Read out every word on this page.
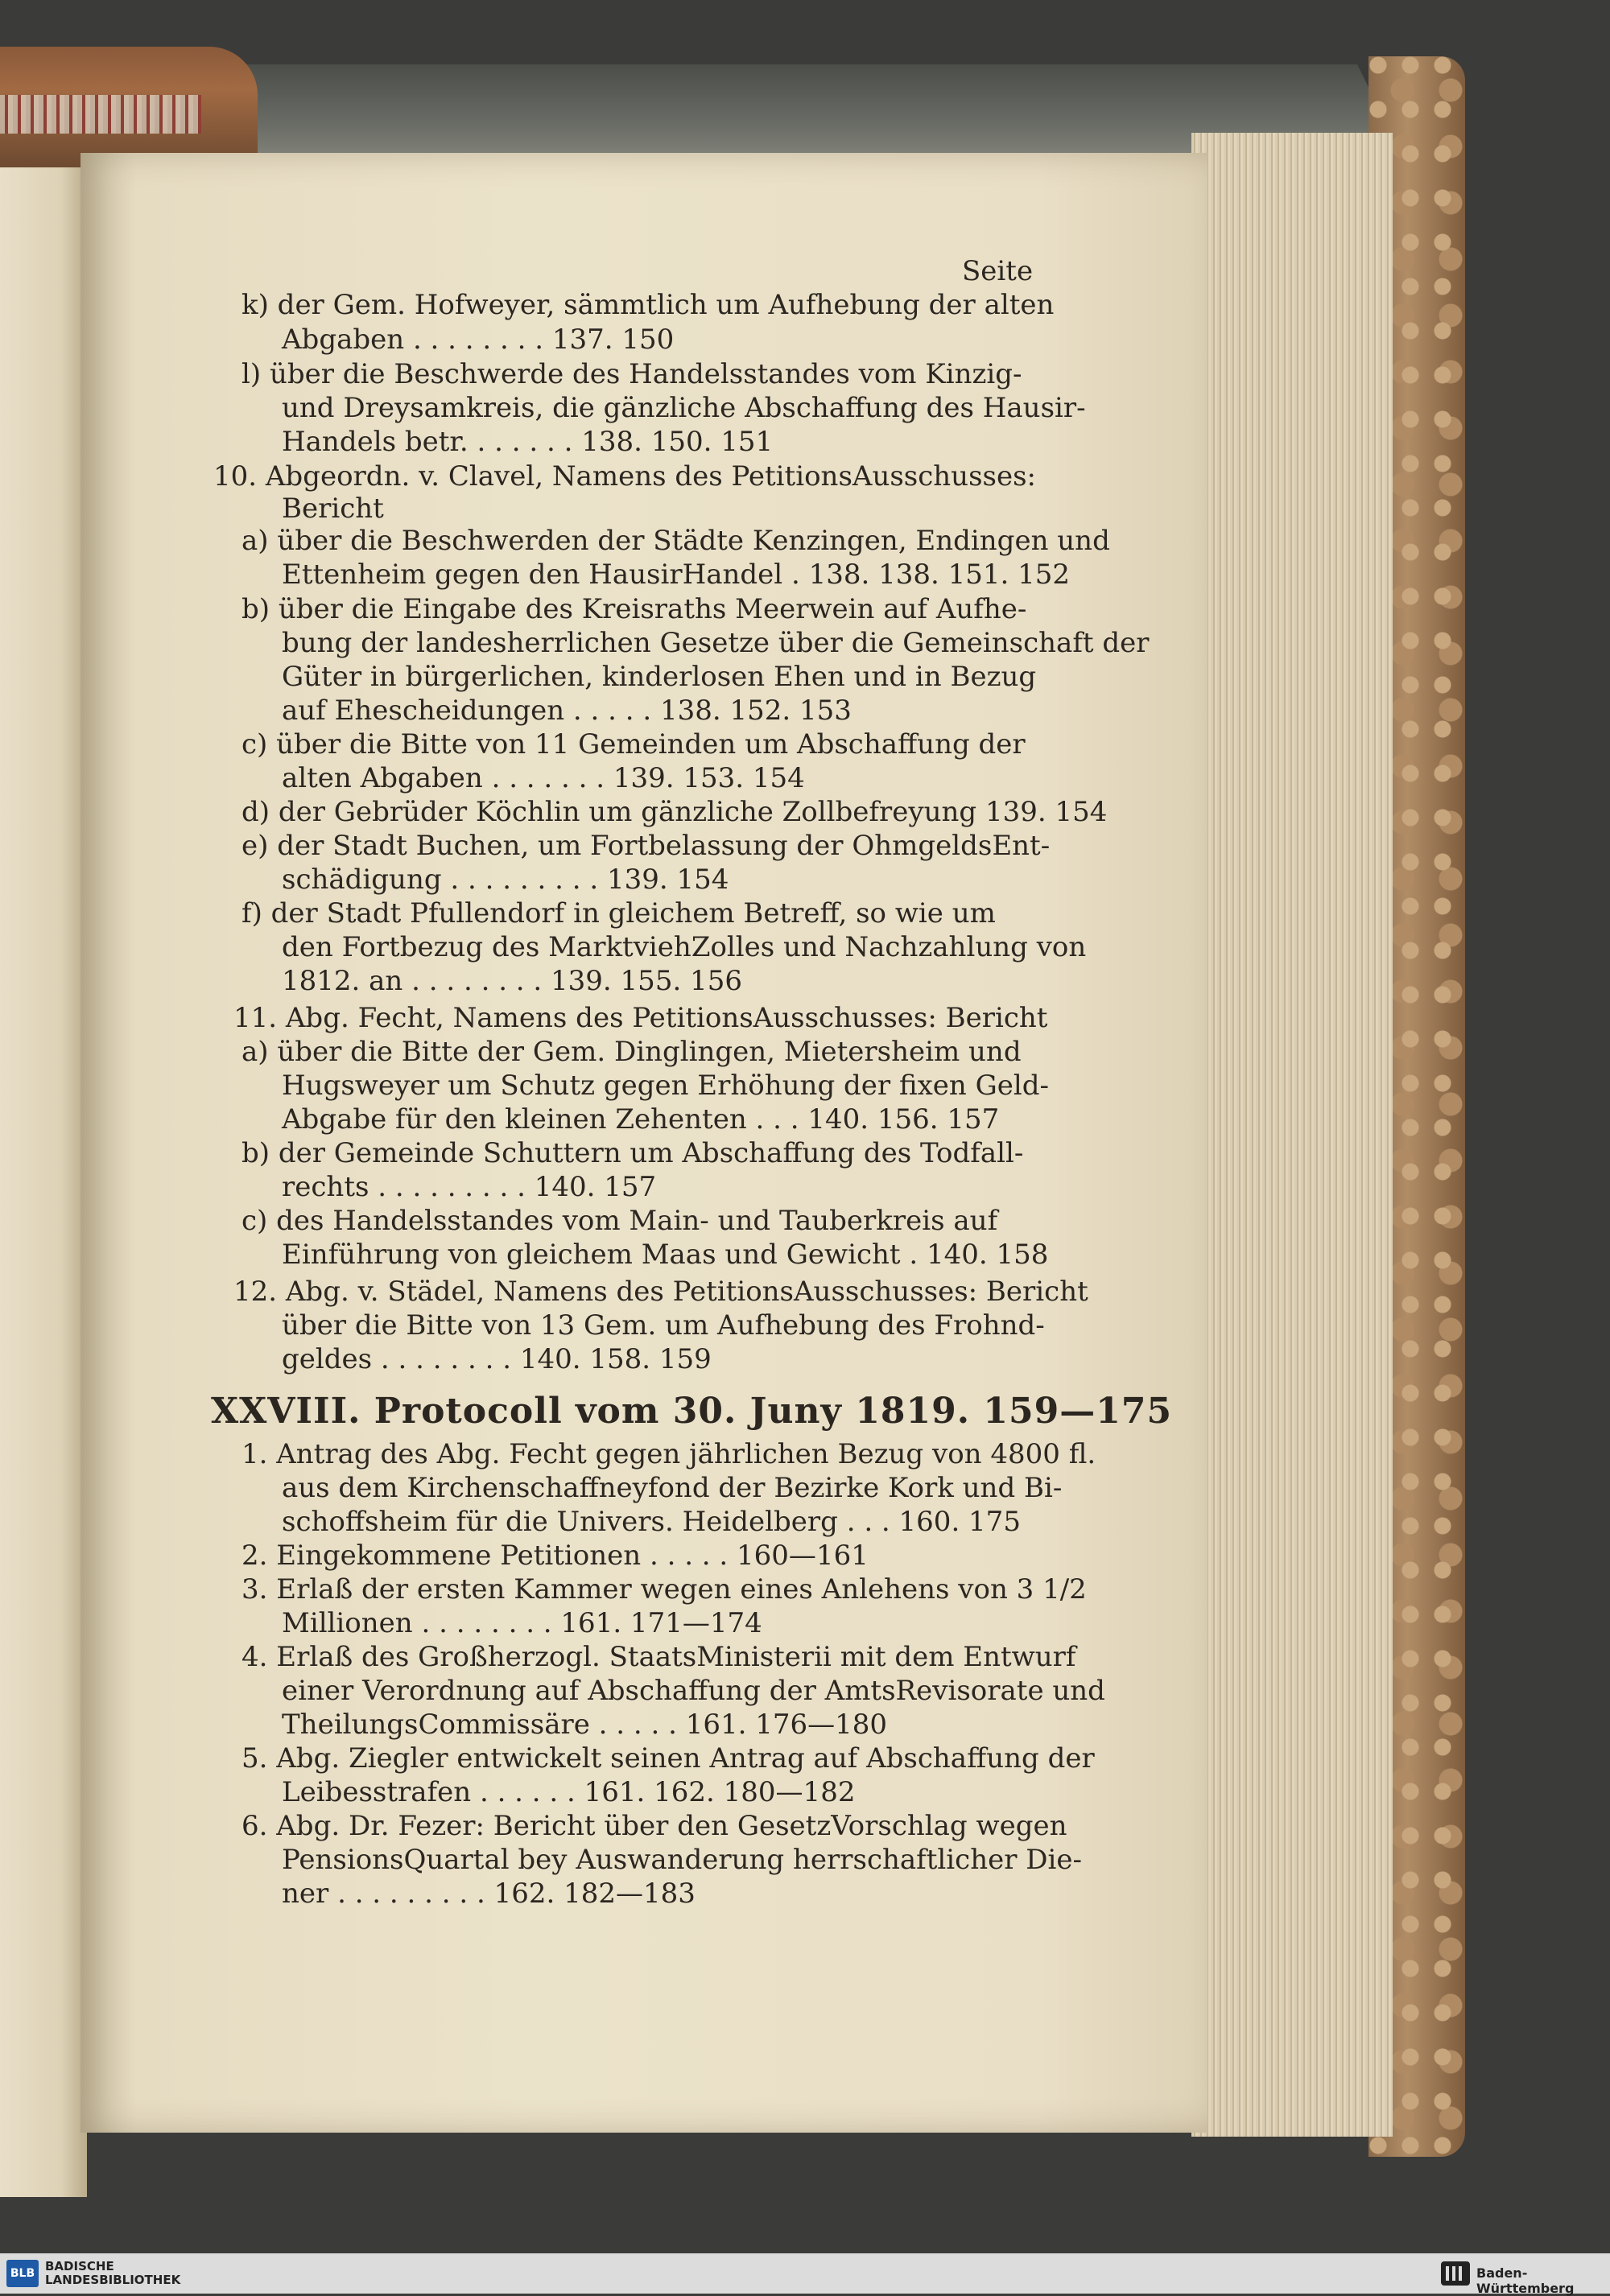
Seite
k) der Gem. Hofweyer, sämmtlich um Aufhebung der alten
Abgaben . . . . . . . . 137. 150
l) über die Beschwerde des Handelsstandes vom Kinzig-
und Dreysamkreis, die gänzliche Abschaffung des Hausir-
Handels betr. . . . . . . 138. 150. 151
10. Abgeordn. v. Clavel, Namens des PetitionsAusschusses:
Bericht
a) über die Beschwerden der Städte Kenzingen, Endingen und
Ettenheim gegen den HausirHandel . 138. 138. 151. 152
b) über die Eingabe des Kreisraths Meerwein auf Aufhe-
bung der landesherrlichen Gesetze über die Gemeinschaft der
Güter in bürgerlichen, kinderlosen Ehen und in Bezug
auf Ehescheidungen . . . . . 138. 152. 153
c) über die Bitte von 11 Gemeinden um Abschaffung der
alten Abgaben . . . . . . . 139. 153. 154
d) der Gebrüder Köchlin um gänzliche Zollbefreyung 139. 154
e) der Stadt Buchen, um Fortbelassung der OhmgeldsEnt-
schädigung . . . . . . . . . 139. 154
f) der Stadt Pfullendorf in gleichem Betreff, so wie um
den Fortbezug des MarktviehZolles und Nachzahlung von
1812. an . . . . . . . . 139. 155. 156
11. Abg. Fecht, Namens des PetitionsAusschusses: Bericht
a) über die Bitte der Gem. Dinglingen, Mietersheim und
Hugsweyer um Schutz gegen Erhöhung der fixen Geld-
Abgabe für den kleinen Zehenten . . . 140. 156. 157
b) der Gemeinde Schuttern um Abschaffung des Todfall-
rechts . . . . . . . . . 140. 157
c) des Handelsstandes vom Main- und Tauberkreis auf
Einführung von gleichem Maas und Gewicht . 140. 158
12. Abg. v. Städel, Namens des PetitionsAusschusses: Bericht
über die Bitte von 13 Gem. um Aufhebung des Frohnd-
geldes . . . . . . . . 140. 158. 159
XXVIII. Protocoll vom 30. Juny 1819. 159—175
1. Antrag des Abg. Fecht gegen jährlichen Bezug von 4800 fl.
aus dem Kirchenschaffneyfond der Bezirke Kork und Bi-
schoffsheim für die Univers. Heidelberg . . . 160. 175
2. Eingekommene Petitionen . . . . . 160—161
3. Erlaß der ersten Kammer wegen eines Anlehens von 3 1/2
Millionen . . . . . . . . 161. 171—174
4. Erlaß des Großherzogl. StaatsMinisterii mit dem Entwurf
einer Verordnung auf Abschaffung der AmtsRevisorate und
TheilungsCommissäre . . . . . 161. 176—180
5. Abg. Ziegler entwickelt seinen Antrag auf Abschaffung der
Leibesstrafen . . . . . . 161. 162. 180—182
6. Abg. Dr. Fezer: Bericht über den GesetzVorschlag wegen
PensionsQuartal bey Auswanderung herrschaftlicher Die-
ner . . . . . . . . . 162. 182—183
BLB BADISCHE
LANDESBIBLIOTHEK	Baden-Württemberg
